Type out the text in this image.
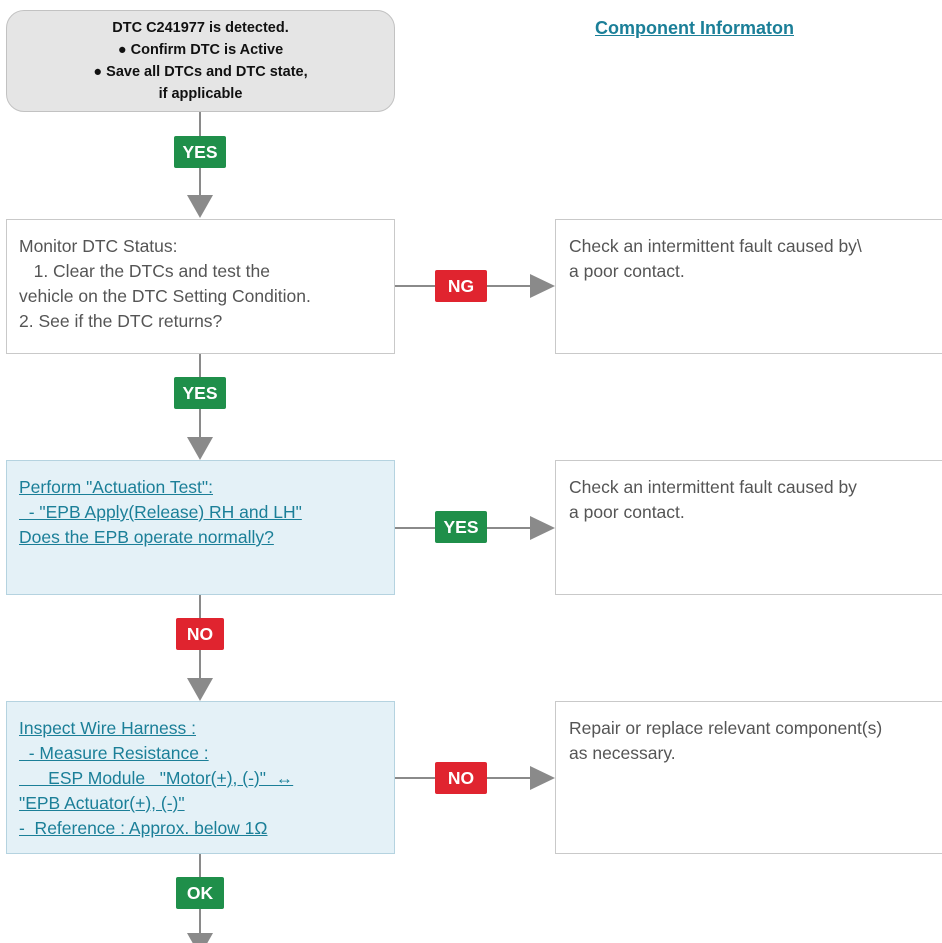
Component Informaton
DTC C241977 is detected.
● Confirm DTC is Active
● Save all DTCs and DTC state,
if applicable
YES
Monitor DTC Status:
1. Clear the DTCs and test the
vehicle on the DTC Setting Condition.
2. See if the DTC returns?
NG
Check an intermittent fault caused by\
a poor contact.
YES
Perform "Actuation Test":
- "EPB Apply(Release) RH and LH"
Does the EPB operate normally?
YES
Check an intermittent fault caused by
a poor contact.
NO
Inspect Wire Harness :
- Measure Resistance :
ESP Module   "Motor(+), (-)"  ↔
"EPB Actuator(+), (-)"
-  Reference : Approx. below 1Ω
NO
Repair or replace relevant component(s)
as necessary.
OK
